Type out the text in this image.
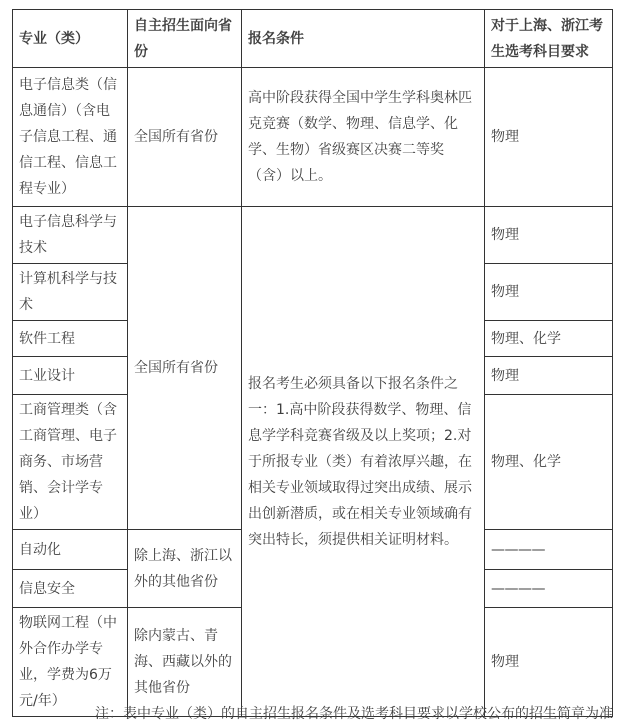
专业（类）	自主招生面向省份	报名条件	对于上海、浙江考生选考科目要求
电子信息类（信息通信）（含电子信息工程、通信工程、信息工程专业）	全国所有省份	高中阶段获得全国中学生学科奥林匹克竞赛（数学、物理、信息学、化学、生物）省级赛区决赛二等奖（含）以上。	物理
电子信息科学与技术	全国所有省份	报名考生必须具备以下报名条件之一：1.高中阶段获得数学、物理、信息学学科竞赛省级及以上奖项；2.对于所报专业（类）有着浓厚兴趣，在相关专业领域取得过突出成绩、展示出创新潜质，或在相关专业领域确有突出特长，须提供相关证明材料。	物理
计算机科学与技术			物理
软件工程			物理、化学
工业设计			物理
工商管理类（含工商管理、电子商务、市场营销、会计学专业）			物理、化学
自动化	除上海、浙江以外的其他省份		————
信息安全			————
物联网工程（中外合作办学专业，学费为6万元/年）	除内蒙古、青海、西藏以外的其他省份		物理
注：表中专业（类）的自主招生报名条件及选考科目要求以学校公布的招生简章为准
